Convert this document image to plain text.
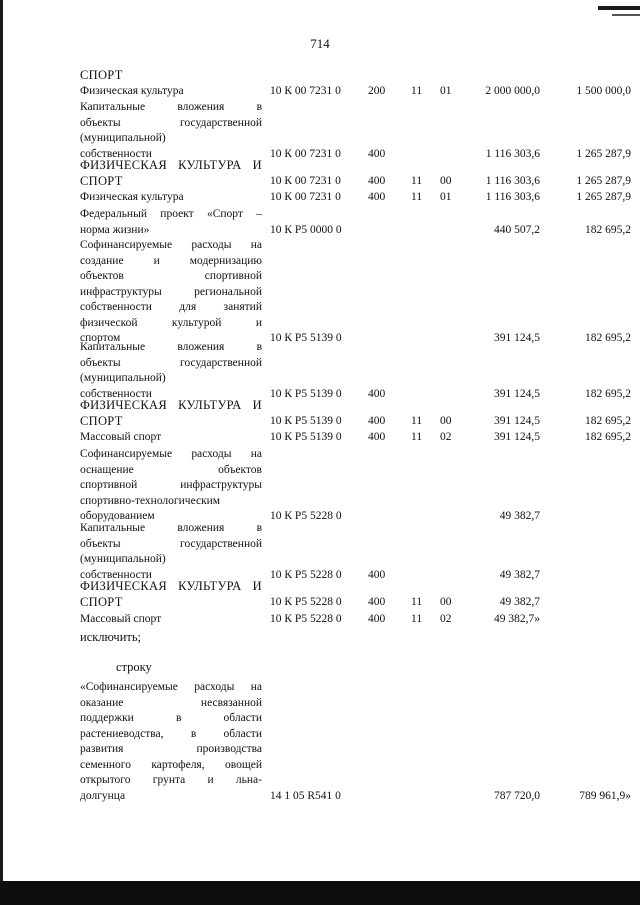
714
СПОРТ
Физическая культура	10 К 00 7231 0 200 11 01	2 000 000,0	1 500 000,0
Капитальные вложения в
объекты государственной
(муниципальной)
собственности	10 К 00 7231 0 400	1 116 303,6	1 265 287,9
ФИЗИЧЕСКАЯ КУЛЬТУРА И
СПОРТ	10 К 00 7231 0 400 11 00	1 116 303,6	1 265 287,9
Физическая культура	10 К 00 7231 0 400 11 01	1 116 303,6	1 265 287,9
Федеральный проект «Спорт –
норма жизни»	10 К Р5 0000 0	440 507,2	182 695,2
Софинансируемые расходы на
создание и модернизацию
объектов спортивной
инфраструктуры региональной
собственности для занятий
физической культурой и
спортом	10 К Р5 5139 0	391 124,5	182 695,2
Капитальные вложения в
объекты государственной
(муниципальной)
собственности	10 К Р5 5139 0 400	391 124,5	182 695,2
ФИЗИЧЕСКАЯ КУЛЬТУРА И
СПОРТ	10 К Р5 5139 0 400 11 00	391 124,5	182 695,2
Массовый спорт	10 К Р5 5139 0 400 11 02	391 124,5	182 695,2
Софинансируемые расходы на
оснащение объектов
спортивной инфраструктуры
спортивно-технологическим
оборудованием	10 К Р5 5228 0	49 382,7
Капитальные вложения в
объекты государственной
(муниципальной)
собственности	10 К Р5 5228 0 400	49 382,7
ФИЗИЧЕСКАЯ КУЛЬТУРА И
СПОРТ	10 К Р5 5228 0 400 11 00	49 382,7
Массовый спорт	10 К Р5 5228 0 400 11 02	49 382,7»
исключить;
строку
«Софинансируемые расходы на
оказание несвязанной
поддержки в области
растениеводства, в области
развития производства
семенного картофеля, овощей
открытого грунта и льна-
долгунца	14 1 05 R541 0	787 720,0	789 961,9»
